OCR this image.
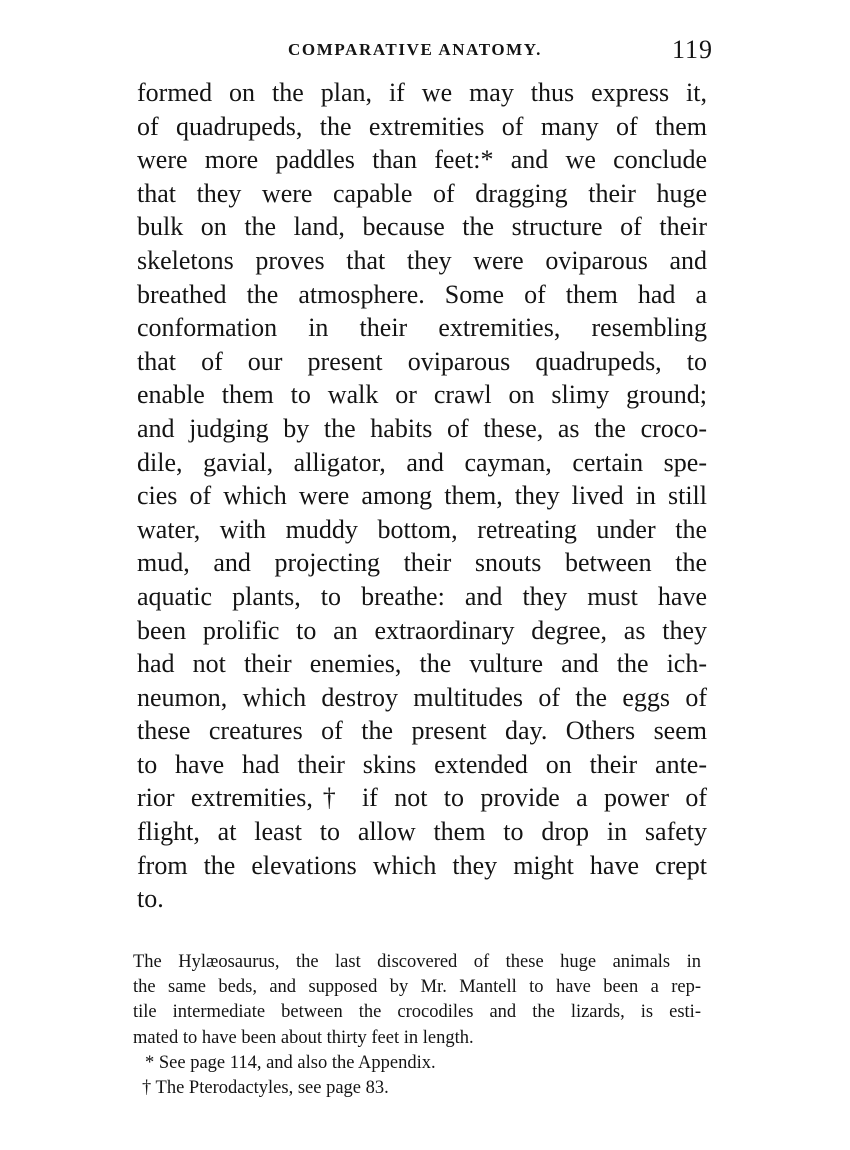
COMPARATIVE ANATOMY.	119
formed on the plan, if we may thus express it,
of quadrupeds, the extremities of many of them
were more paddles than feet:* and we conclude
that they were capable of dragging their huge
bulk on the land, because the structure of their
skeletons proves that they were oviparous and
breathed the atmosphere. Some of them had a
conformation in their extremities, resembling
that of our present oviparous quadrupeds, to
enable them to walk or crawl on slimy ground;
and judging by the habits of these, as the croco-
dile, gavial, alligator, and cayman, certain spe-
cies of which were among them, they lived in still
water, with muddy bottom, retreating under the
mud, and projecting their snouts between the
aquatic plants, to breathe: and they must have
been prolific to an extraordinary degree, as they
had not their enemies, the vulture and the ich-
neumon, which destroy multitudes of the eggs of
these creatures of the present day. Others seem
to have had their skins extended on their ante-
rior extremities,† if not to provide a power of
flight, at least to allow them to drop in safety
from the elevations which they might have crept
to.
The Hylæosaurus, the last discovered of these huge animals in
the same beds, and supposed by Mr. Mantell to have been a rep-
tile intermediate between the crocodiles and the lizards, is esti-
mated to have been about thirty feet in length.
* See page 114, and also the Appendix.
† The Pterodactyles, see page 83.
